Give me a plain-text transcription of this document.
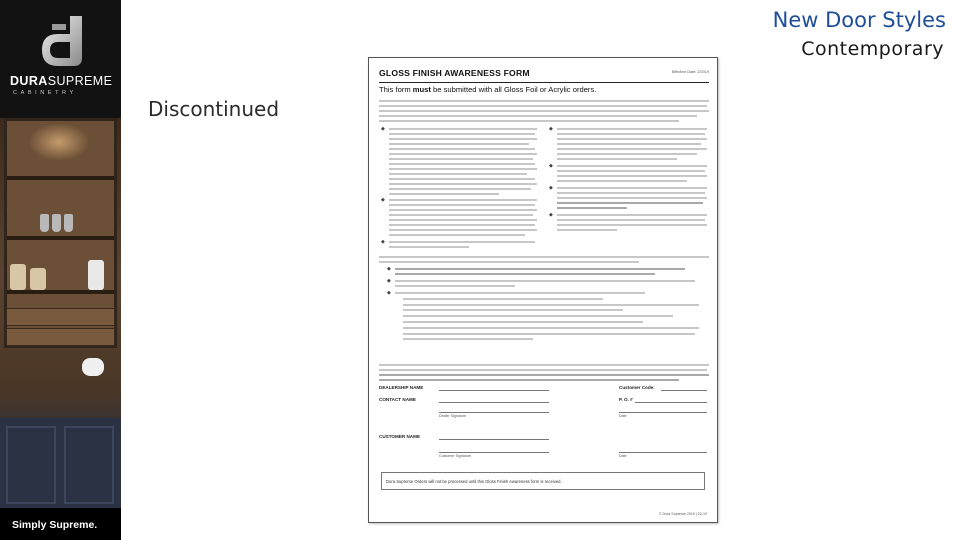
DURASUPREME
CABINETRY
Simply Supreme.
New Door Styles
Contemporary
Discontinued
GLOSS FINISH AWARENESS FORM	Effective Date: 2/2019
This form must be submitted with all Gloss Foil or Acrylic orders.
◆
◆
◆
◆
◆
◆
◆
◆
◆
◆
DEALERSHIP NAME	Customer Code:
CONTACT NAME	P. O. #
Dealer Signature	Date
CUSTOMER NAME
Customer Signature	Date
Dura Supreme Orders will not be processed until this Gloss Finish Awareness form is received.
© Dura Supreme 2019 | 02-19
